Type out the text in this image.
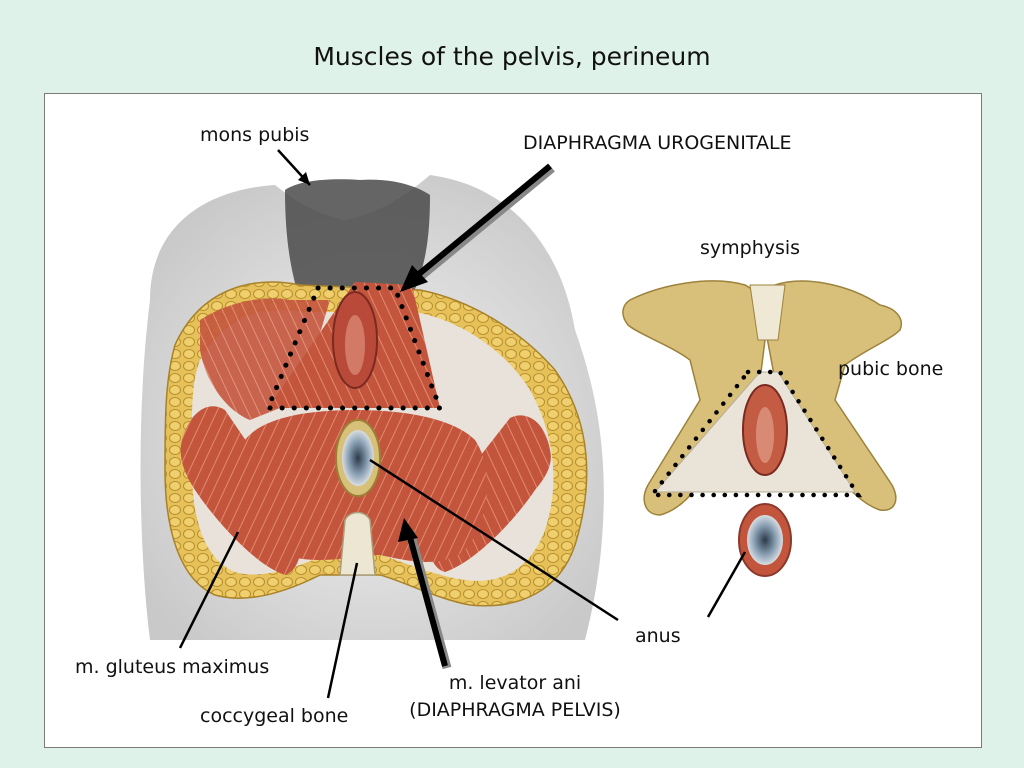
Muscles of the pelvis, perineum
mons pubis	DIAPHRAGMA UROGENITALE
symphysis
pubic bone
anus
m. gluteus maximus
coccygeal bone
m. levator ani
(DIAPHRAGMA PELVIS)
